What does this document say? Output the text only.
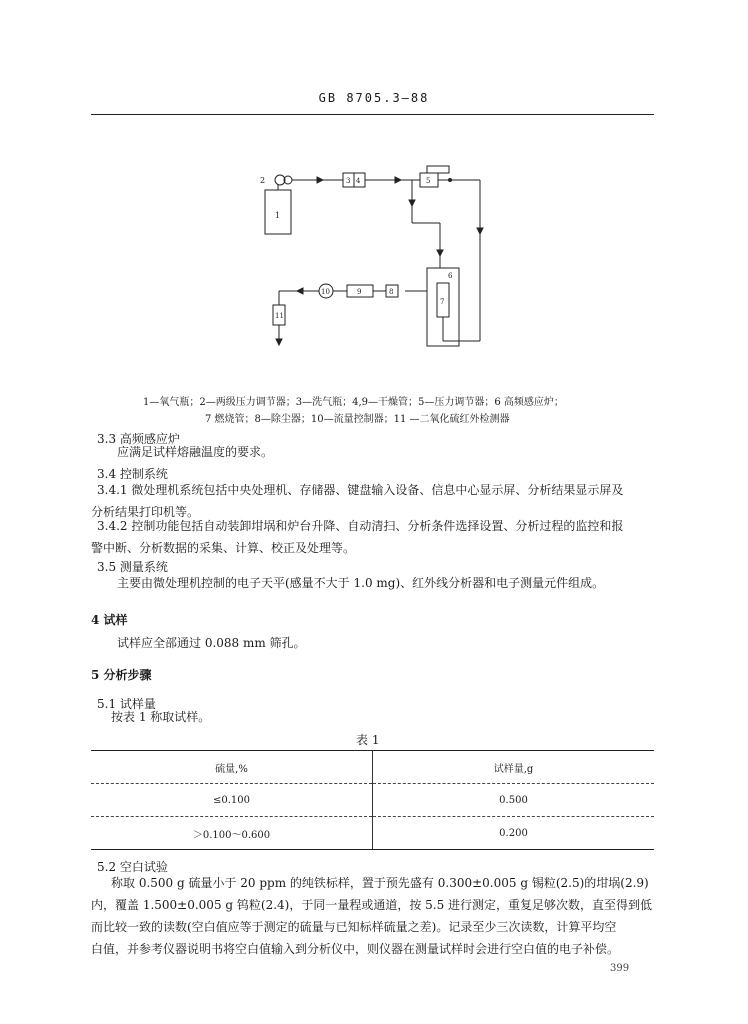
GB 8705.3—88
1
2	3 4	5
6
7
8
9
10
11
1—氧气瓶；2—两级压力调节器；3—洗气瓶；4,9—干燥管；5—压力调节器；6 高频感应炉；
7 燃烧管；8—除尘器；10—流量控制器；11 —二氧化硫红外检测器
3.3 高频感应炉
应满足试样熔融温度的要求。
3.4 控制系统
3.4.1 微处理机系统包括中央处理机、存储器、键盘输入设备、信息中心显示屏、分析结果显示屏及
分析结果打印机等。
3.4.2 控制功能包括自动装卸坩埚和炉台升降、自动清扫、分析条件选择设置、分析过程的监控和报
警中断、分析数据的采集、计算、校正及处理等。
3.5 测量系统
主要由微处理机控制的电子天平(感量不大于 1.0 mg)、红外线分析器和电子测量元件组成。
4 试样
试样应全部通过 0.088 mm 筛孔。
5 分析步骤
5.1 试样量
按表 1 称取试样。
表 1
硫量,%	试样量,g
≤0.100	0.500
＞0.100～0.600	0.200
5.2 空白试验
称取 0.500 g 硫量小于 20 ppm 的纯铁标样，置于预先盛有 0.300±0.005 g 锡粒(2.5)的坩埚(2.9)
内，覆盖 1.500±0.005 g 钨粒(2.4)，于同一量程或通道，按 5.5 进行测定，重复足够次数，直至得到低
而比较一致的读数(空白值应等于测定的硫量与已知标样硫量之差)。记录至少三次读数，计算平均空
白值，并参考仪器说明书将空白值输入到分析仪中，则仪器在测量试样时会进行空白值的电子补偿。
399
